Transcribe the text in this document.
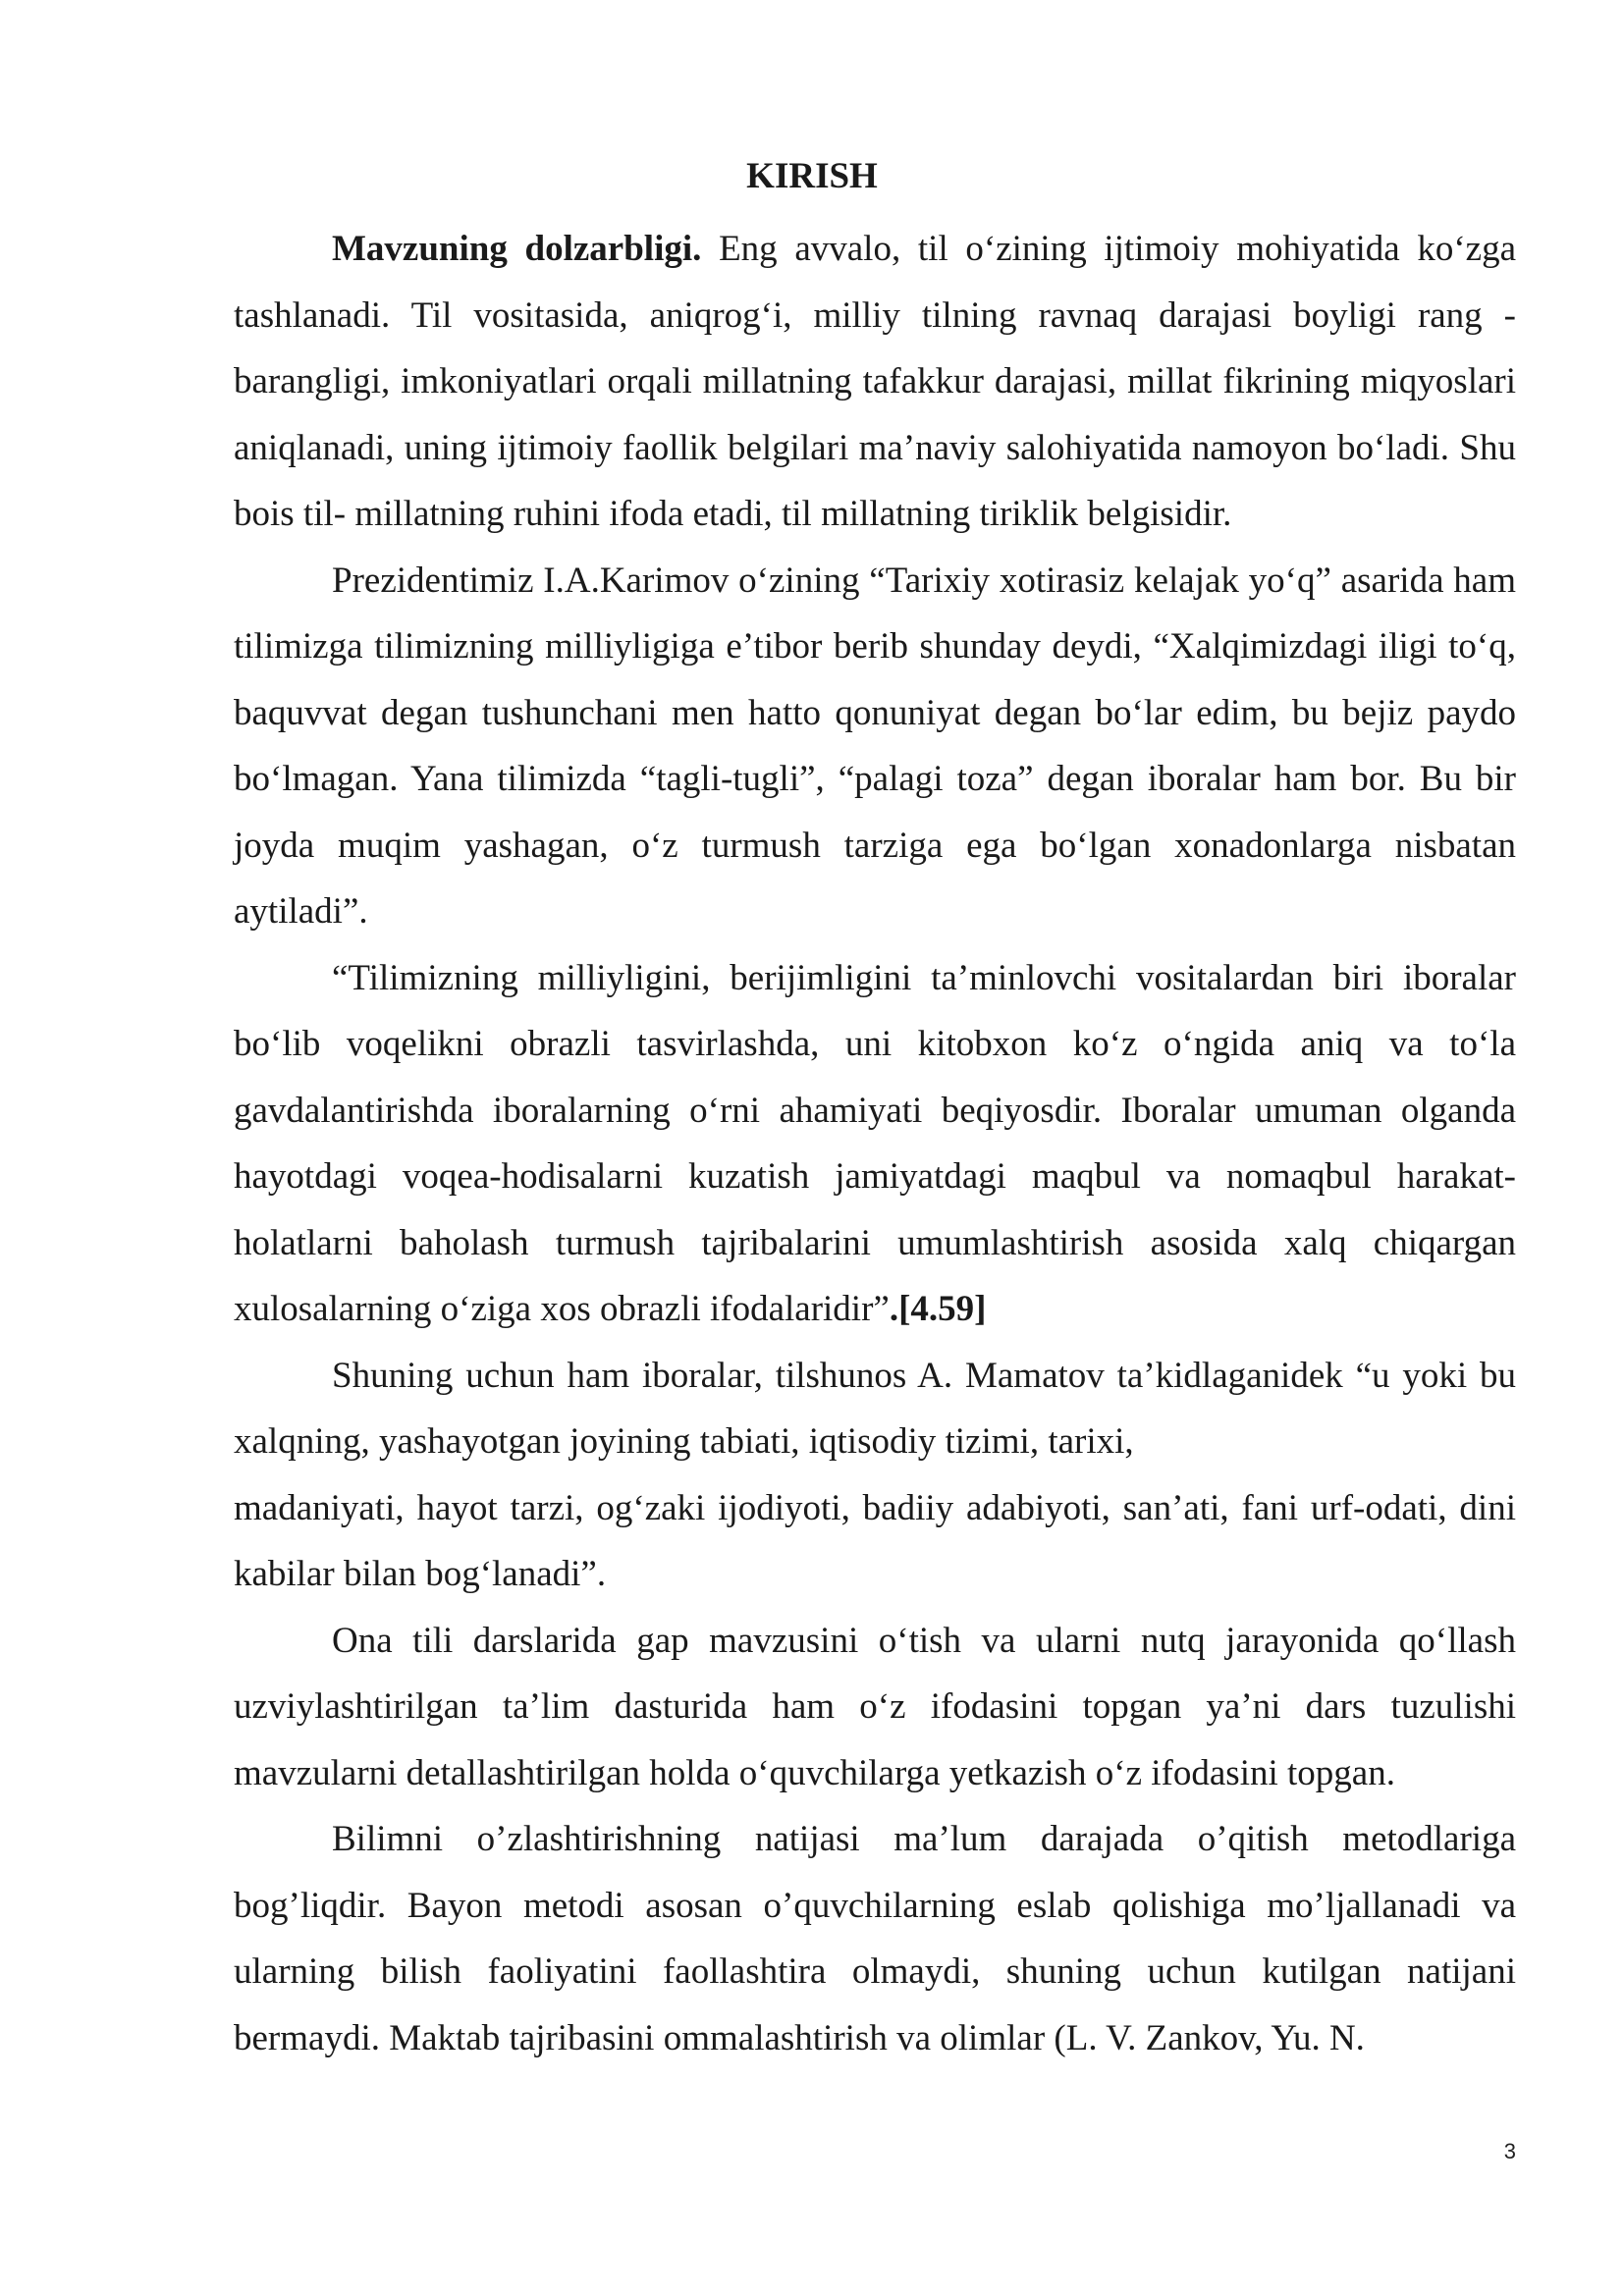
KIRISH

Mavzuning dolzarbligi. Eng avvalo, til o‘zining ijtimoiy mohiyatida ko‘zga tashlanadi. Til vositasida, aniqrog‘i, milliy tilning ravnaq darajasi boyligi rang - barangligi, imkoniyatlari orqali millatning tafakkur darajasi, millat fikrining miqyoslari aniqlanadi, uning ijtimoiy faollik belgilari ma’naviy salohiyatida namoyon bo‘ladi. Shu bois til- millatning ruhini ifoda etadi, til millatning tiriklik belgisidir.

Prezidentimiz I.A.Karimov o‘zining “Tarixiy xotirasiz kelajak yo‘q” asarida ham tilimizga tilimizning milliyligiga e’tibor berib shunday deydi, “Xalqimizdagi iligi to‘q, baquvvat degan tushunchani men hatto qonuniyat degan bo‘lar edim, bu bejiz paydo bo‘lmagan. Yana tilimizda “tagli-tugli”, “palagi toza” degan iboralar ham bor. Bu bir joyda muqim yashagan, o‘z turmush tarziga ega bo‘lgan xonadonlarga nisbatan aytiladi”.

“Tilimizning milliyligini, berijimligini ta’minlovchi vositalardan biri iboralar bo‘lib voqelikni obrazli tasvirlashda, uni kitobxon ko‘z o‘ngida aniq va to‘la gavdalantirishda iboralarning o‘rni ahamiyati beqiyosdir. Iboralar umuman olganda hayotdagi voqea-hodisalarni kuzatish jamiyatdagi maqbul va nomaqbul harakat-holatlarni baholash turmush tajribalarini umumlashtirish asosida xalq chiqargan xulosalarning o‘ziga xos obrazli ifodalaridir”.[4.59]

Shuning uchun ham iboralar, tilshunos A. Mamatov ta’kidlaganidek “u yoki bu xalqning, yashayotgan joyining tabiati, iqtisodiy tizimi, tarixi,

madaniyati, hayot tarzi, og‘zaki ijodiyoti, badiiy adabiyoti, san’ati, fani urf-odati, dini kabilar bilan bog‘lanadi”.

Ona tili darslarida gap mavzusini o‘tish va ularni nutq jarayonida qo‘llash uzviylashtirilgan ta’lim dasturida ham o‘z ifodasini topgan ya’ni dars tuzulishi mavzularni detallashtirilgan holda o‘quvchilarga yetkazish o‘z ifodasini topgan.

Bilimni o’zlashtirishning natijasi ma’lum darajada o’qitish metodlariga bog’liqdir. Bayon metodi asosan o’quvchilarning eslab qolishiga mo’ljallanadi va ularning bilish faoliyatini faollashtira olmaydi, shuning uchun kutilgan natijani bermaydi. Maktab tajribasini ommalashtirish va olimlar (L. V. Zankov, Yu. N.

3
